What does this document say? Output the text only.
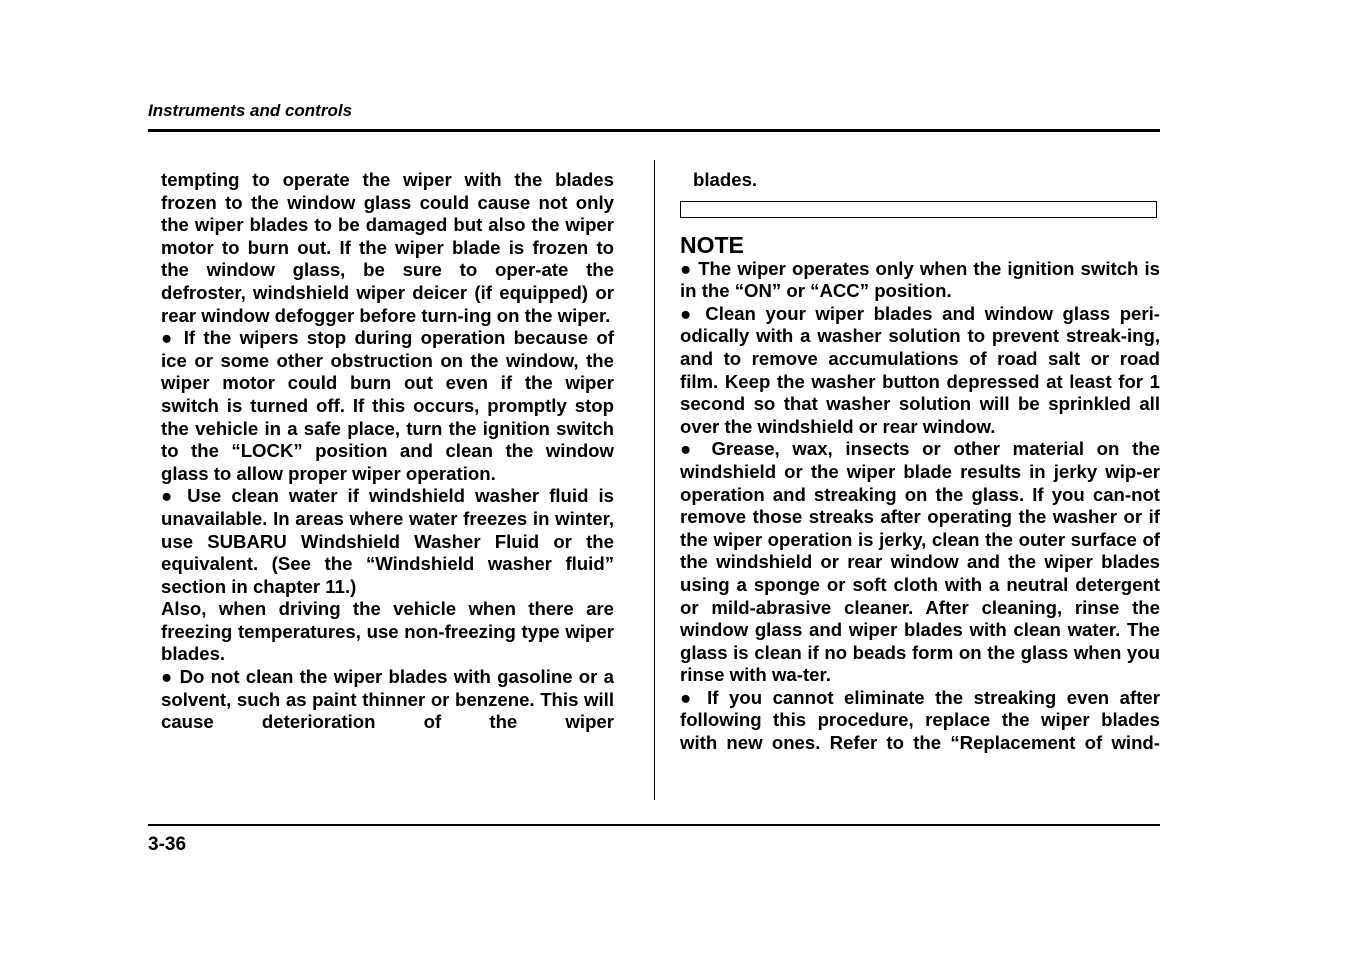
Instruments and controls

tempting to operate the wiper with the blades frozen to the window glass could cause not only the wiper blades to be damaged but also the wiper motor to burn out. If the wiper blade is frozen to the window glass, be sure to oper-ate the defroster, windshield wiper deicer (if equipped) or rear window defogger before turn-ing on the wiper.

● If the wipers stop during operation because of ice or some other obstruction on the window, the wiper motor could burn out even if the wiper switch is turned off. If this occurs, promptly stop the vehicle in a safe place, turn the ignition switch to the “LOCK” position and clean the window glass to allow proper wiper operation.

● Use clean water if windshield washer fluid is unavailable. In areas where water freezes in winter, use SUBARU Windshield Washer Fluid or the equivalent. (See the “Windshield washer fluid” section in chapter 11.)

Also, when driving the vehicle when there are freezing temperatures, use non-freezing type wiper blades.

● Do not clean the wiper blades with gasoline or a solvent, such as paint thinner or benzene. This will cause deterioration of the wiper

blades.

NOTE

● The wiper operates only when the ignition switch is in the “ON” or “ACC” position.

● Clean your wiper blades and window glass peri-odically with a washer solution to prevent streak-ing, and to remove accumulations of road salt or road film. Keep the washer button depressed at least for 1 second so that washer solution will be sprinkled all over the windshield or rear window.

● Grease, wax, insects or other material on the windshield or the wiper blade results in jerky wip-er operation and streaking on the glass. If you can-not remove those streaks after operating the washer or if the wiper operation is jerky, clean the outer surface of the windshield or rear window and the wiper blades using a sponge or soft cloth with a neutral detergent or mild-abrasive cleaner. After cleaning, rinse the window glass and wiper blades with clean water. The glass is clean if no beads form on the glass when you rinse with wa-ter.

● If you cannot eliminate the streaking even after following this procedure, replace the wiper blades with new ones. Refer to the “Replacement of wind-

3-36
